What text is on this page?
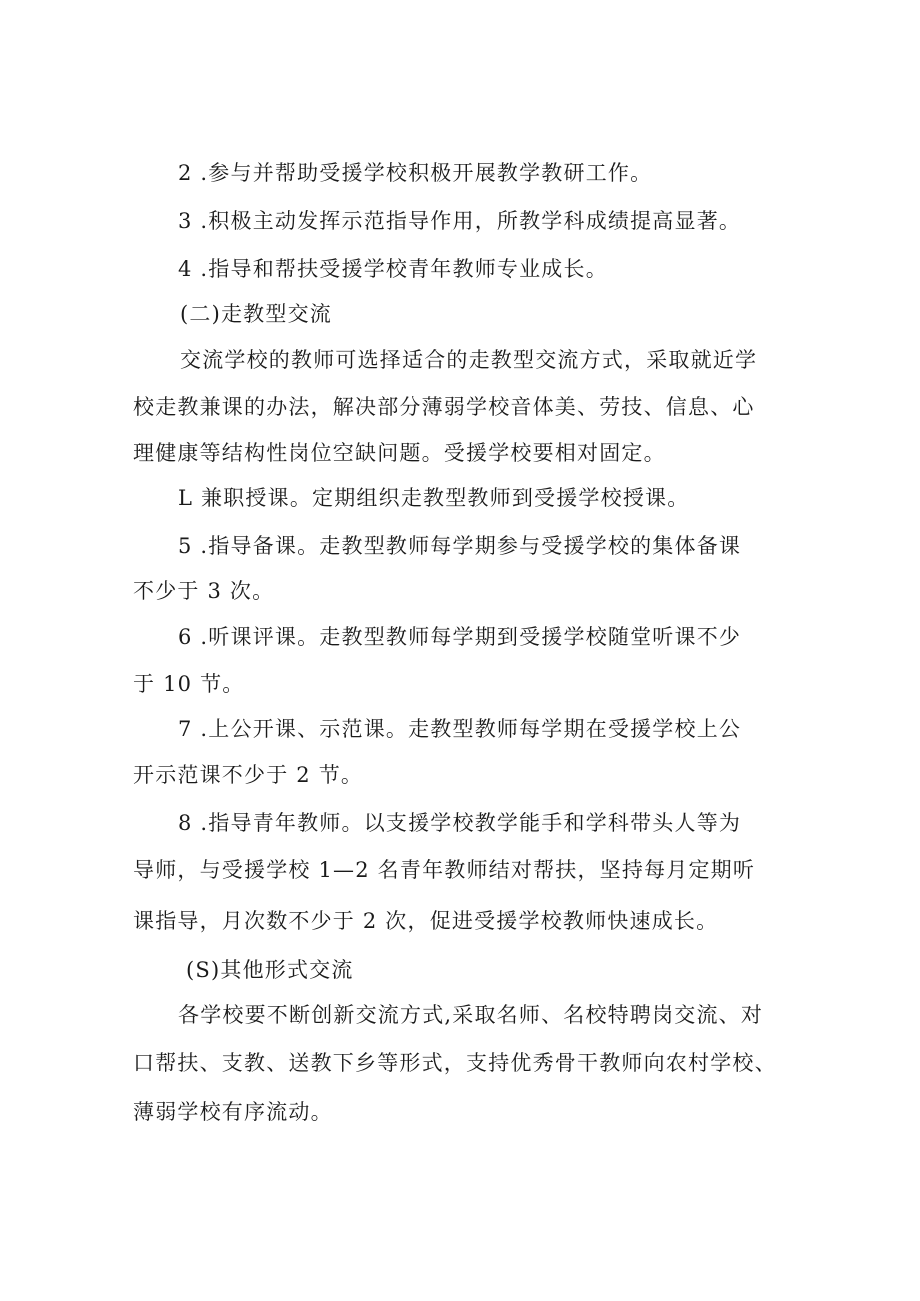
2 .参与并帮助受援学校积极开展教学教研工作。
3 .积极主动发挥示范指导作用，所教学科成绩提高显著。
4 .指导和帮扶受援学校青年教师专业成长。
(二)走教型交流
交流学校的教师可选择适合的走教型交流方式，采取就近学
校走教兼课的办法，解决部分薄弱学校音体美、劳技、信息、心
理健康等结构性岗位空缺问题。受援学校要相对固定。
L 兼职授课。定期组织走教型教师到受援学校授课。
5 .指导备课。走教型教师每学期参与受援学校的集体备课
不少于 3 次。
6 .听课评课。走教型教师每学期到受援学校随堂听课不少
于 10 节。
7 .上公开课、示范课。走教型教师每学期在受援学校上公
开示范课不少于 2 节。
8 .指导青年教师。以支援学校教学能手和学科带头人等为
导师，与受援学校 1—2 名青年教师结对帮扶，坚持每月定期听
课指导，月次数不少于 2 次，促进受援学校教师快速成长。
(S)其他形式交流
各学校要不断创新交流方式,采取名师、名校特聘岗交流、对
口帮扶、支教、送教下乡等形式，支持优秀骨干教师向农村学校、
薄弱学校有序流动。
